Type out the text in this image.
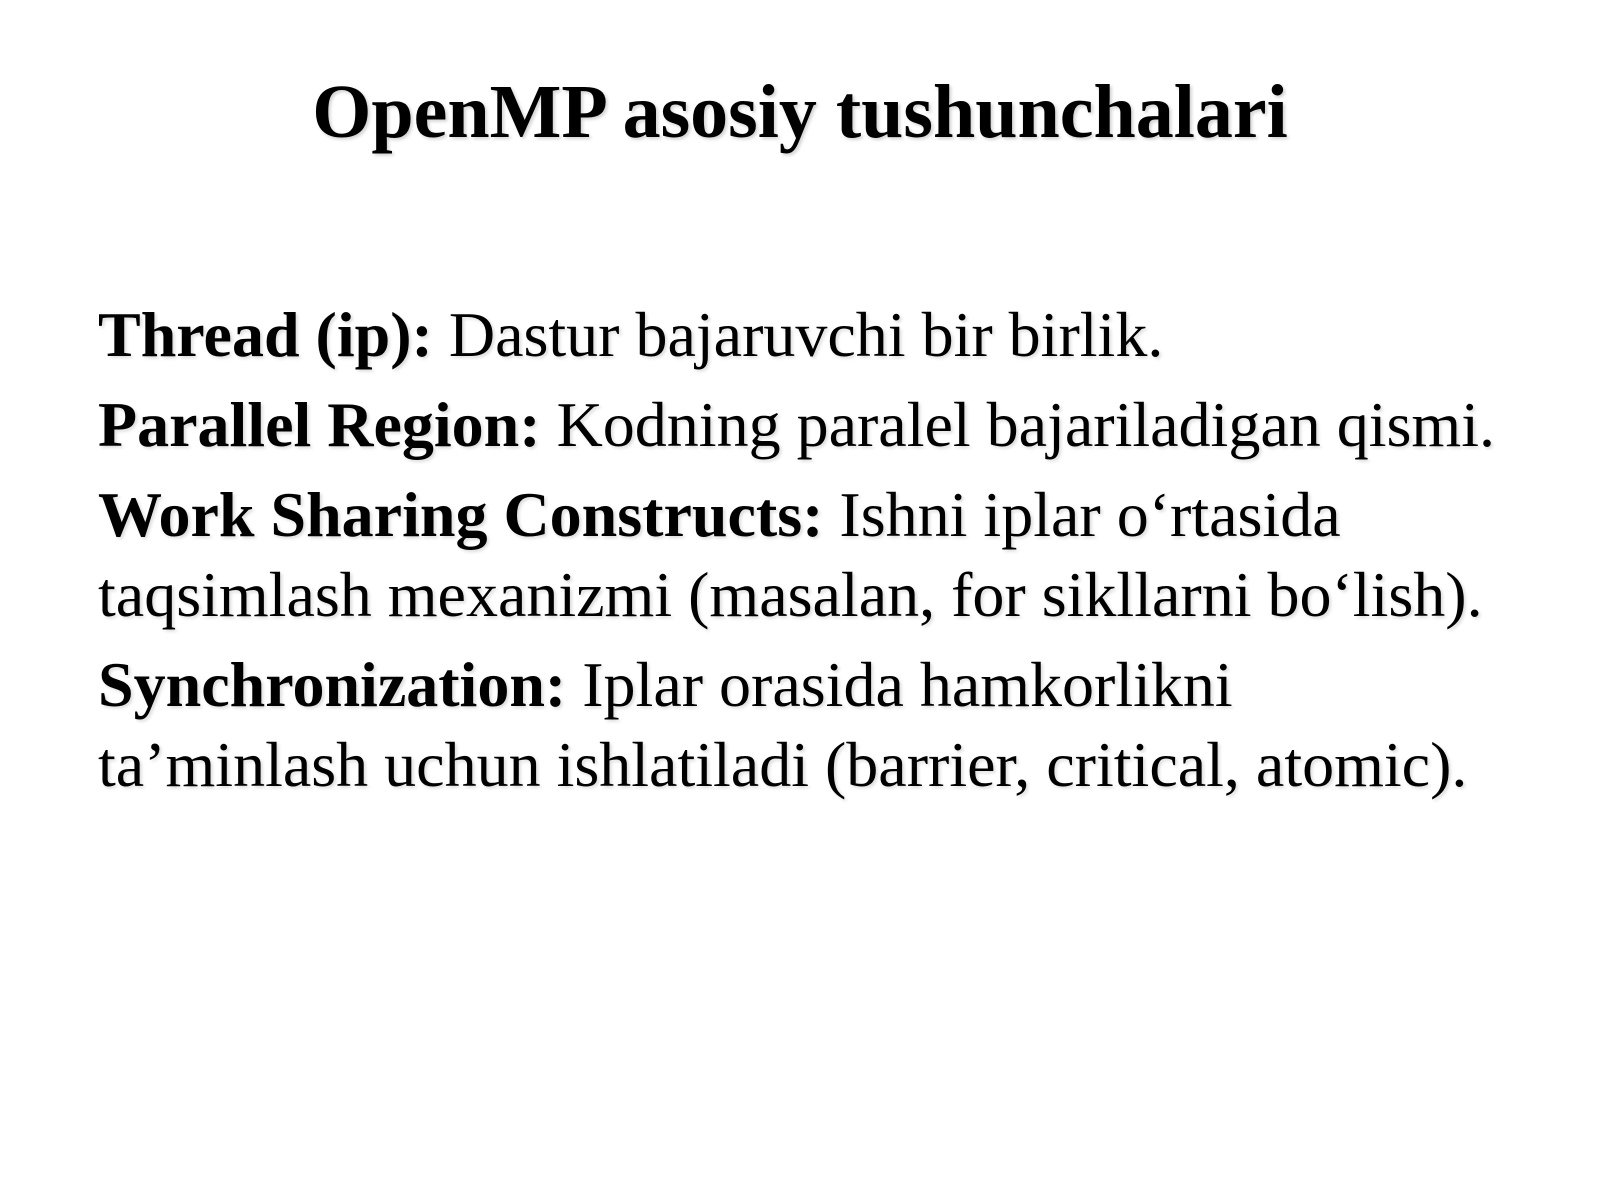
OpenMP asosiy tushunchalari
Thread (ip): Dastur bajaruvchi bir birlik.
Parallel Region: Kodning paralel bajariladigan qismi.
Work Sharing Constructs: Ishni iplar o‘rtasida taqsimlash mexanizmi (masalan, for sikllarni bo‘lish).
Synchronization: Iplar orasida hamkorlikni ta’minlash uchun ishlatiladi (barrier, critical, atomic).
